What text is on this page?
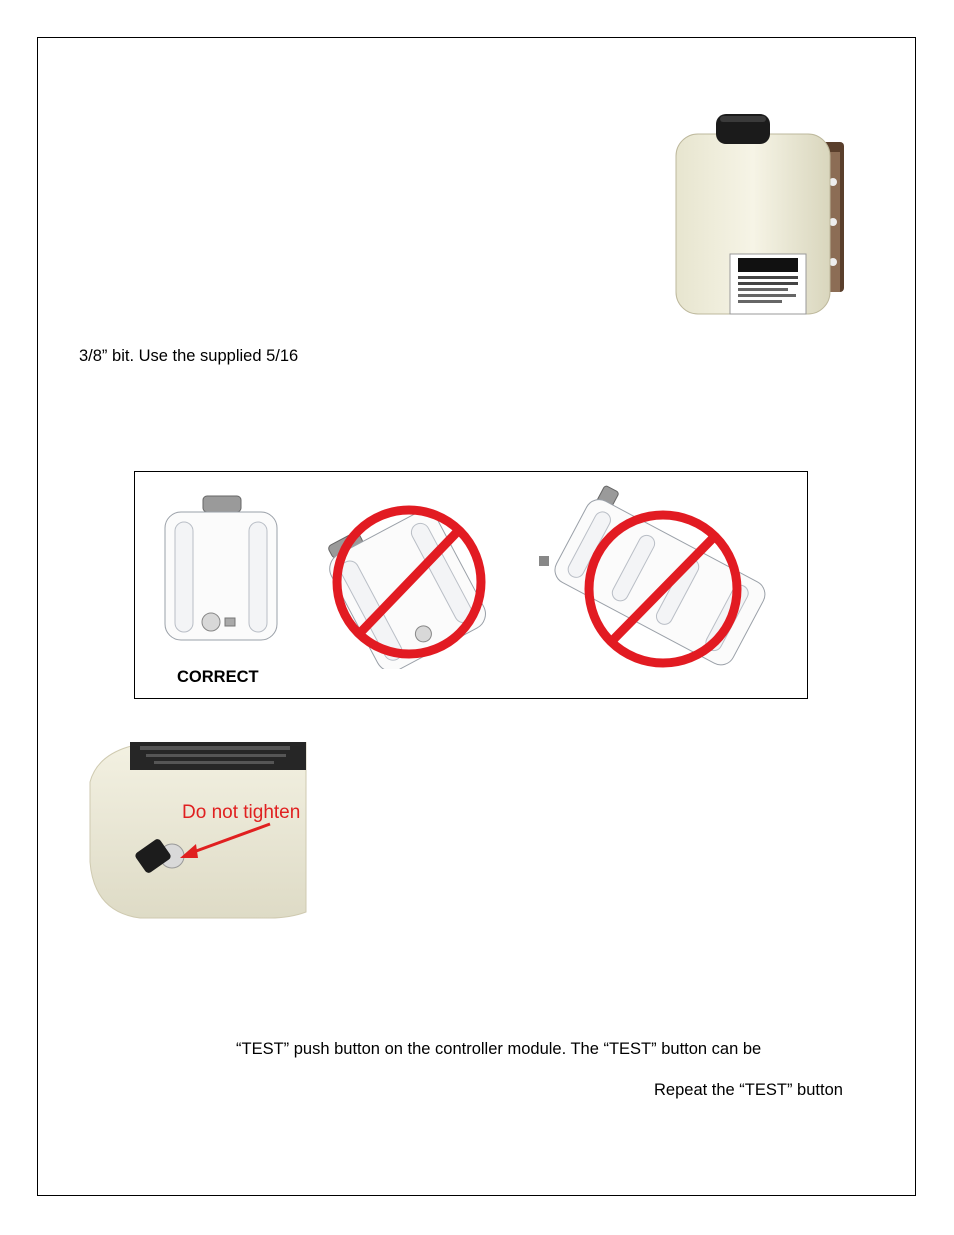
3/8” bit. Use the supplied 5/16
CORRECT
Do not tighten
“TEST” push button on the controller module. The “TEST” button can be
Repeat the “TEST” button
